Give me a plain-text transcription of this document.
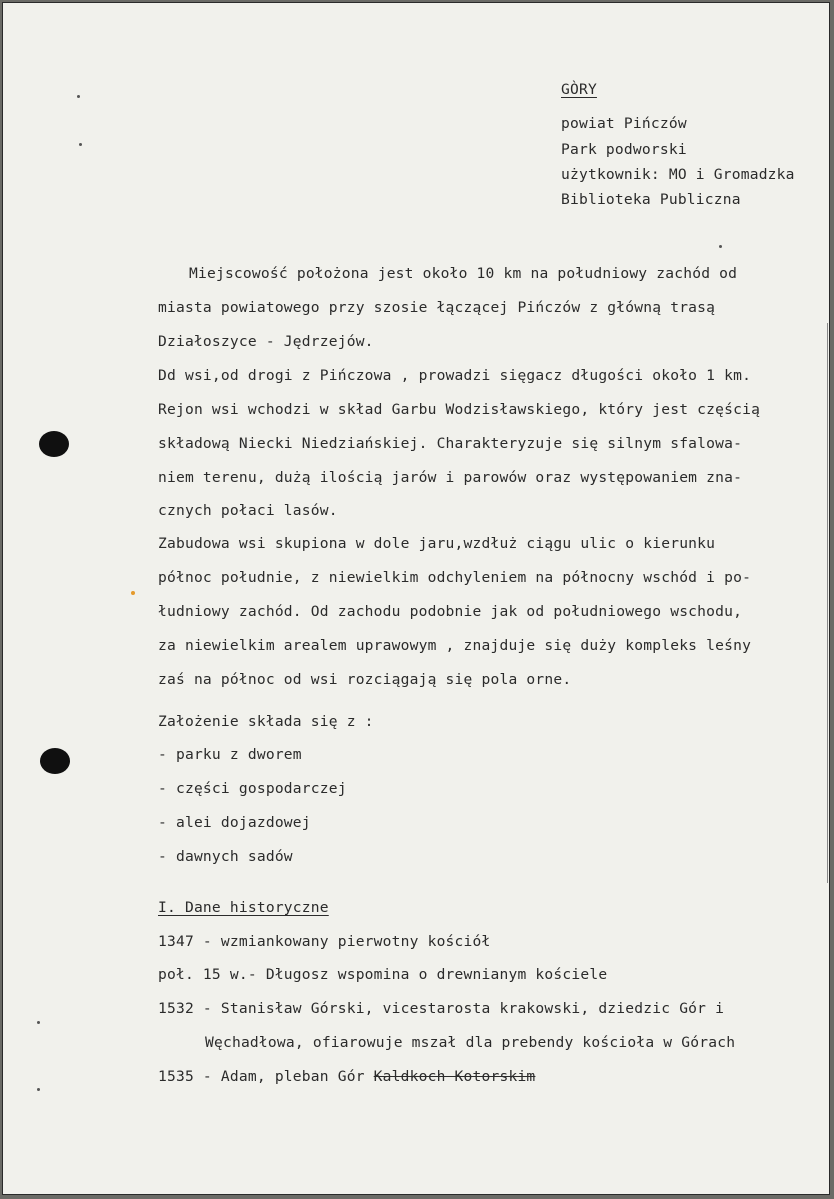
GÒRY
powiat Pińczów
Park podworski
użytkownik: MO i Gromadzka
Biblioteka Publiczna
Miejscowość położona jest około 10 km na południowy zachód od
miasta powiatowego przy szosie łączącej Pińczów z główną trasą
Działoszyce - Jędrzejów.
Dd wsi,od drogi z Pińczowa , prowadzi sięgacz długości około 1 km.
Rejon wsi wchodzi w skład Garbu Wodzisławskiego, który jest częścią
składową Niecki Niedziańskiej. Charakteryzuje się silnym sfalowa-
niem terenu, dużą ilością jarów i parowów oraz występowaniem zna-
cznych połaci lasów.
Zabudowa wsi skupiona w dole jaru,wzdłuż ciągu ulic o kierunku
północ południe, z niewielkim odchyleniem na północny wschód i po-
łudniowy zachód. Od zachodu podobnie jak od południowego wschodu,
za niewielkim arealem uprawowym , znajduje się duży kompleks leśny
zaś na północ od wsi rozciągają się pola orne.
Założenie składa się z :
- parku z dworem
- części gospodarczej
- alei dojazdowej
- dawnych sadów
I. Dane historyczne
1347 - wzmiankowany pierwotny kościół
poł. 15 w.- Długosz wspomina o drewnianym kościele
1532 - Stanisław Górski, vicestarosta krakowski, dziedzic Gór i
Węchadłowa, ofiarowuje mszał dla prebendy kościoła w Górach
1535 - Adam, pleban Gór Kaldkoch Kotorskim
